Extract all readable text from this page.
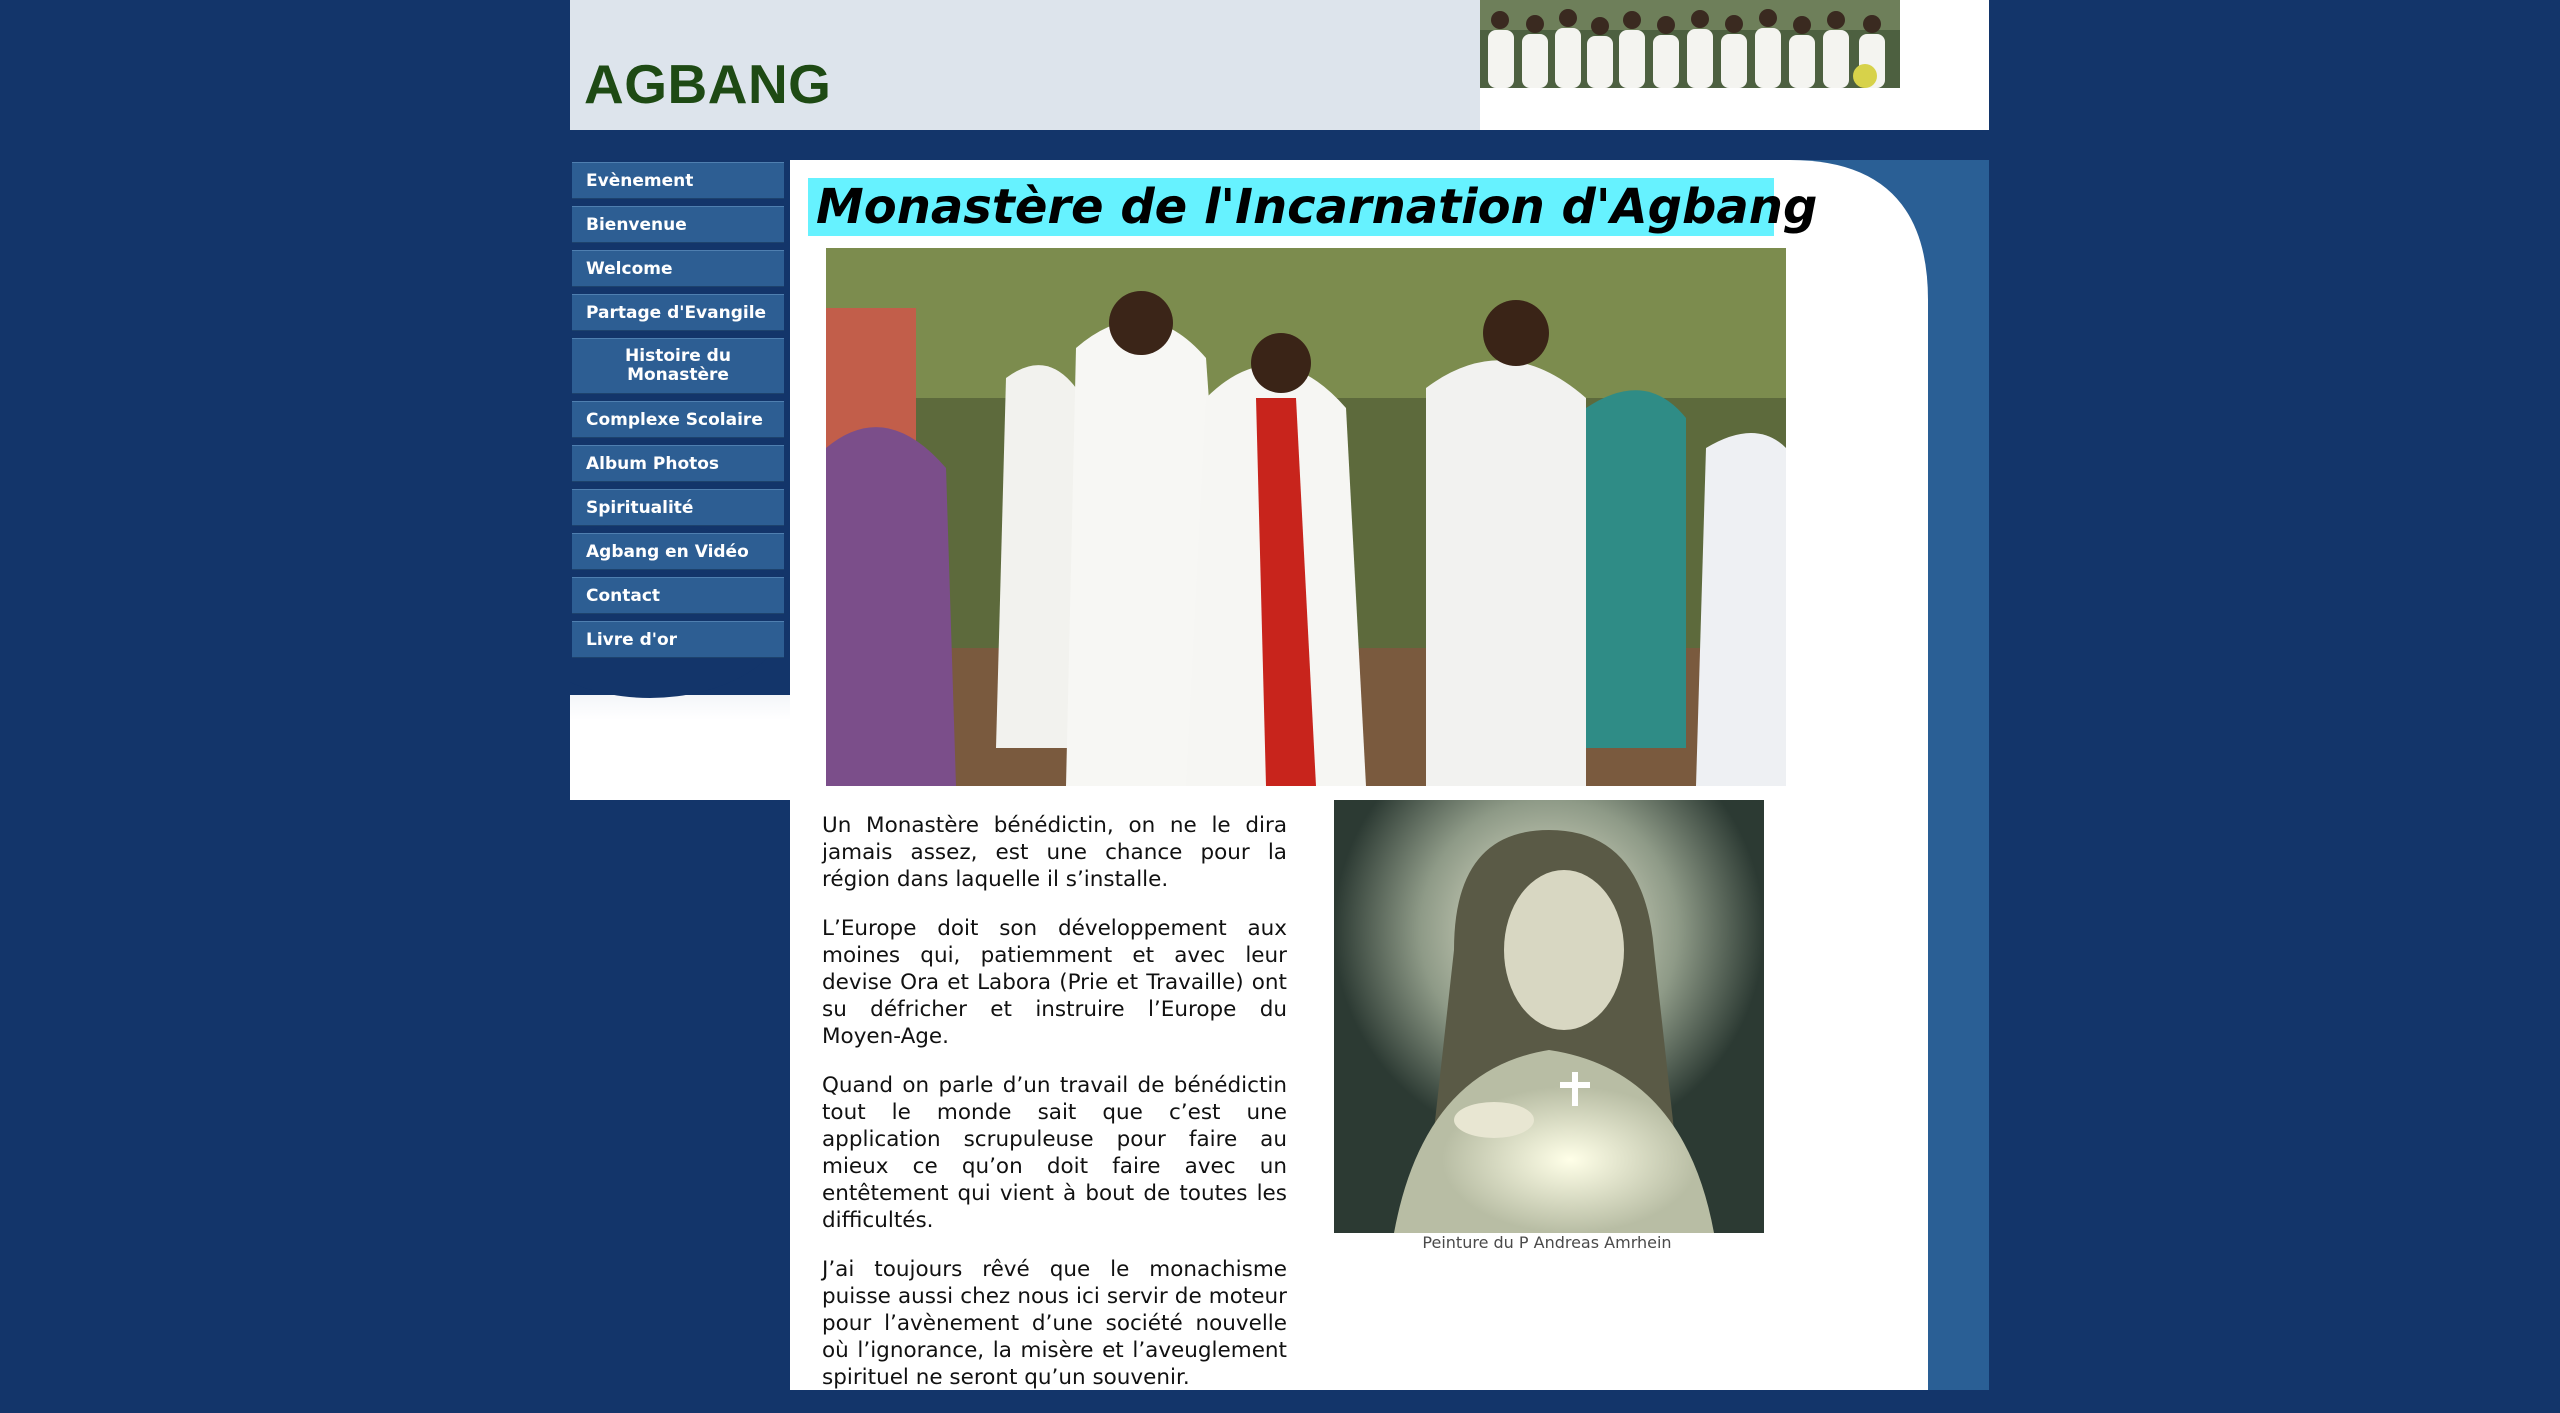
AGBANG
Evènement
Bienvenue
Welcome
Partage d'Evangile
Histoire du Monastère
Complexe Scolaire
Album Photos
Spiritualité
Agbang en Vidéo
Contact
Livre d'or
Monastère de l'Incarnation d'Agbang

Un Monastère bénédictin, on ne le dira jamais assez, est une chance pour la région dans laquelle il s’installe.

L’Europe doit son développement aux moines qui, patiemment et avec leur devise Ora et Labora (Prie et Travaille) ont su défricher et instruire l’Europe du Moyen-Age.

Quand on parle d’un travail de bénédictin tout le monde sait que c’est une application scrupuleuse pour faire au mieux ce qu’on doit faire avec un entêtement qui vient à bout de toutes les difficultés.

J’ai toujours rêvé que le monachisme puisse aussi chez nous ici servir de moteur pour l’avènement d’une société nouvelle où l’ignorance, la misère et l’aveuglement spirituel ne seront qu’un souvenir.

Peinture du P Andreas Amrhein
